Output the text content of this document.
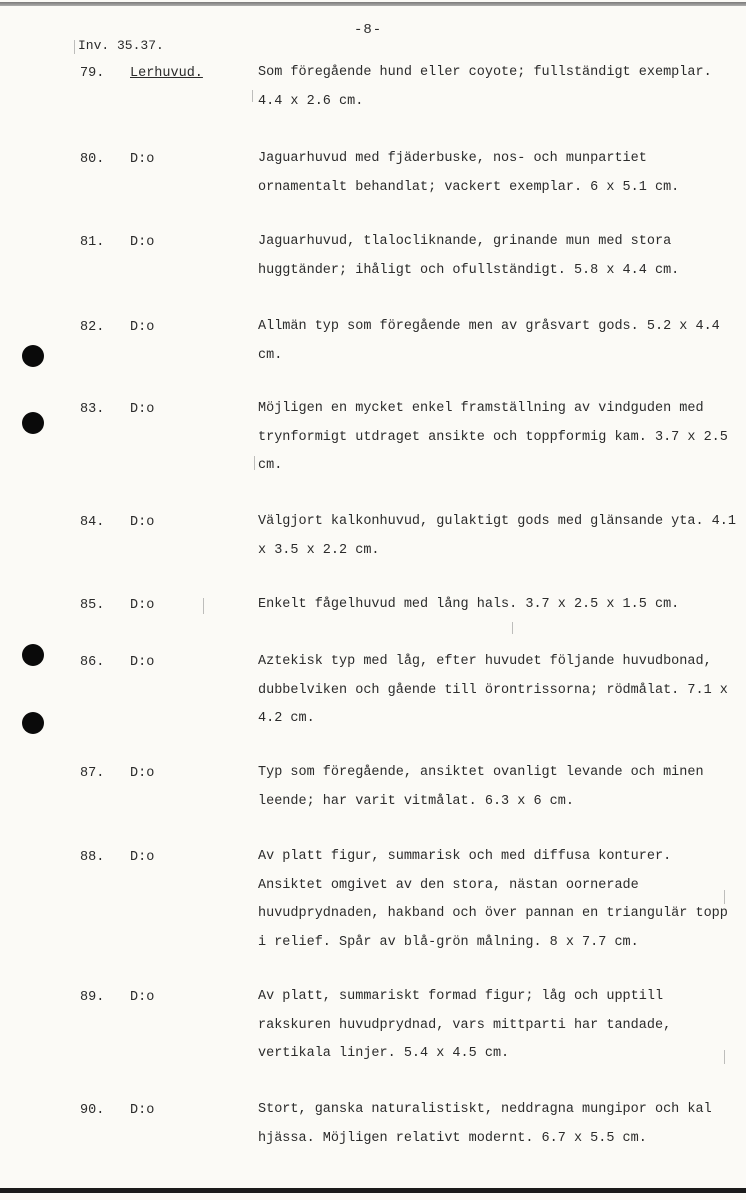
-8-
Inv. 35.37.
79. Lerhuvud.	Som föregående hund eller coyote; fullständigt exemplar. 4.4 x 2.6 cm.
80. D:o	Jaguarhuvud med fjäderbuske, nos- och munpartiet ornamentalt behandlat; vackert exemplar. 6 x 5.1 cm.
81. D:o	Jaguarhuvud, tlalocliknande, grinande mun med stora huggtänder; ihåligt och ofullständigt. 5.8 x 4.4 cm.
82. D:o	Allmän typ som föregående men av gråsvart gods. 5.2 x 4.4 cm.
83. D:o	Möjligen en mycket enkel framställning av vindguden med trynformigt utdraget ansikte och toppformig kam. 3.7 x 2.5 cm.
84. D:o	Välgjort kalkonhuvud, gulaktigt gods med glänsande yta. 4.1 x 3.5 x 2.2 cm.
85. D:o	Enkelt fågelhuvud med lång hals. 3.7 x 2.5 x 1.5 cm.
86. D:o	Aztekisk typ med låg, efter huvudet följande huvudbonad, dubbelviken och gående till örontrissorna; rödmålat. 7.1 x 4.2 cm.
87. D:o	Typ som föregående, ansiktet ovanligt levande och minen leende; har varit vitmålat. 6.3 x 6 cm.
88. D:o	Av platt figur, summarisk och med diffusa konturer. Ansiktet omgivet av den stora, nästan oornerade huvudprydnaden, hakband och över pannan en triangulär topp i relief. Spår av blå-grön målning. 8 x 7.7 cm.
89. D:o	Av platt, summariskt formad figur; låg och upptill rakskuren huvudprydnad, vars mittparti har tandade, vertikala linjer. 5.4 x 4.5 cm.
90. D:o	Stort, ganska naturalistiskt, neddragna mungipor och kal hjässa. Möjligen relativt modernt. 6.7 x 5.5 cm.
